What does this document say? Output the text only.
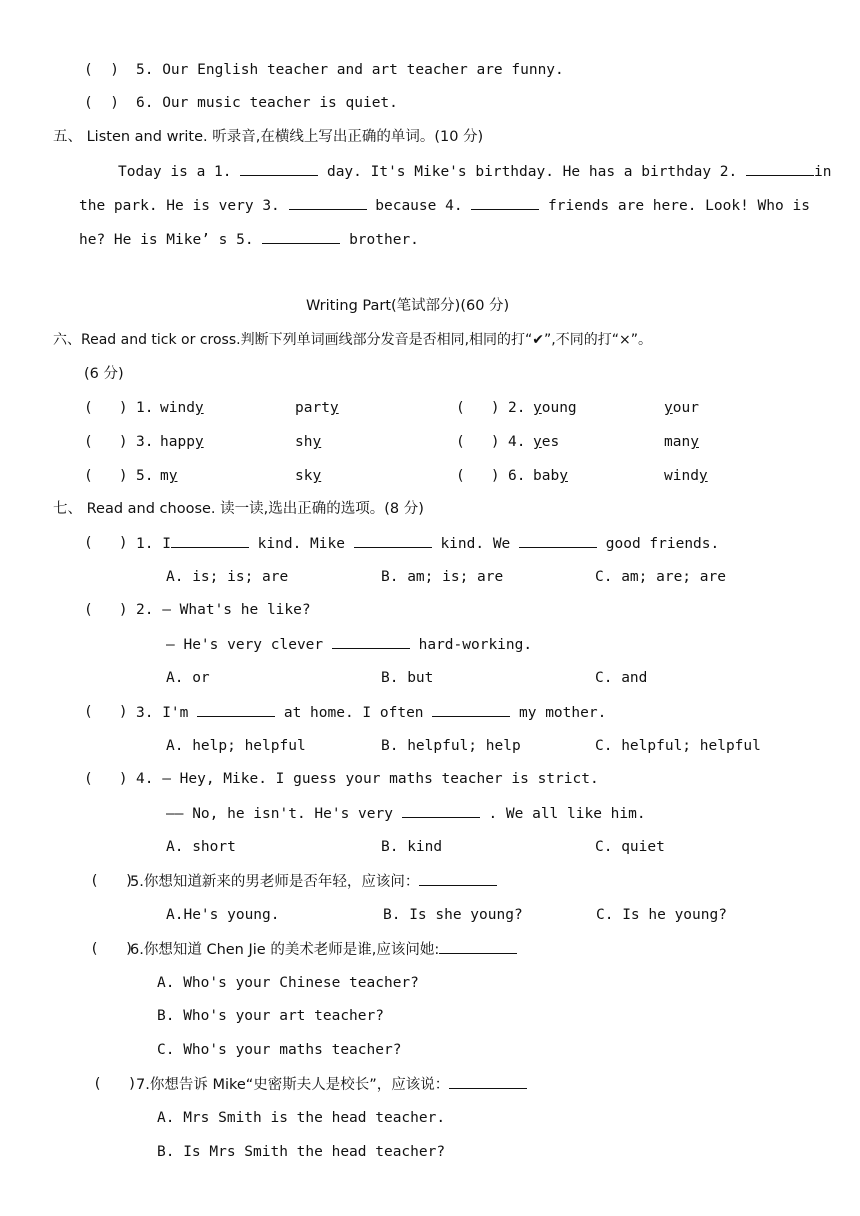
(  ) 5. Our English teacher and art teacher are funny.
(  ) 6. Our music teacher is quiet.
五、 Listen and write. 听录音,在横线上写出正确的单词。(10 分)
Today is a 1.	day. It's Mike's birthday. He has a birthday 2.	in
the park. He is very 3.	because 4.	friends are here. Look! Who is
he? He is Mike’ s 5.	brother.
Writing Part(笔试部分)(60 分)
六、Read and tick or cross.判断下列单词画线部分发音是否相同,相同的打“✔”,不同的打“×”。
(6 分)
(   ) 1. windy	party	(   ) 2. young	your
(   ) 3. happy	shy	(   ) 4. yes	many
(   ) 5. my	sky	(   ) 6. baby	windy
七、 Read and choose. 读一读,选出正确的选项。(8 分)
(   ) 1. I	kind. Mike	kind. We	good friends.
A. is; is; are	B. am; is; are	C. am; are; are
(   ) 2. — What's he like?
— He's very clever	hard-working.
A. or	B. but	C. and
(   ) 3. I'm	at home. I often	my mother.
A. help; helpful	B. helpful; help	C. helpful; helpful
(   ) 4. — Hey, Mike. I guess your maths teacher is strict.
—— No, he isn't. He's very	. We all like him.
A. short	B. kind	C. quiet
(   )
5.你想知道新来的男老师是否年轻，应该问：
A.He's young.	B. Is she young?	C. Is he young?
(   )
6.你想知道 Chen Jie 的美术老师是谁,应该问她:
A. Who's your Chinese teacher?
B. Who's your art teacher?
C. Who's your maths teacher?
(   ) 7.你想告诉 Mike“史密斯夫人是校长”，应该说：
A. Mrs Smith is the head teacher.
B. Is Mrs Smith the head teacher?
